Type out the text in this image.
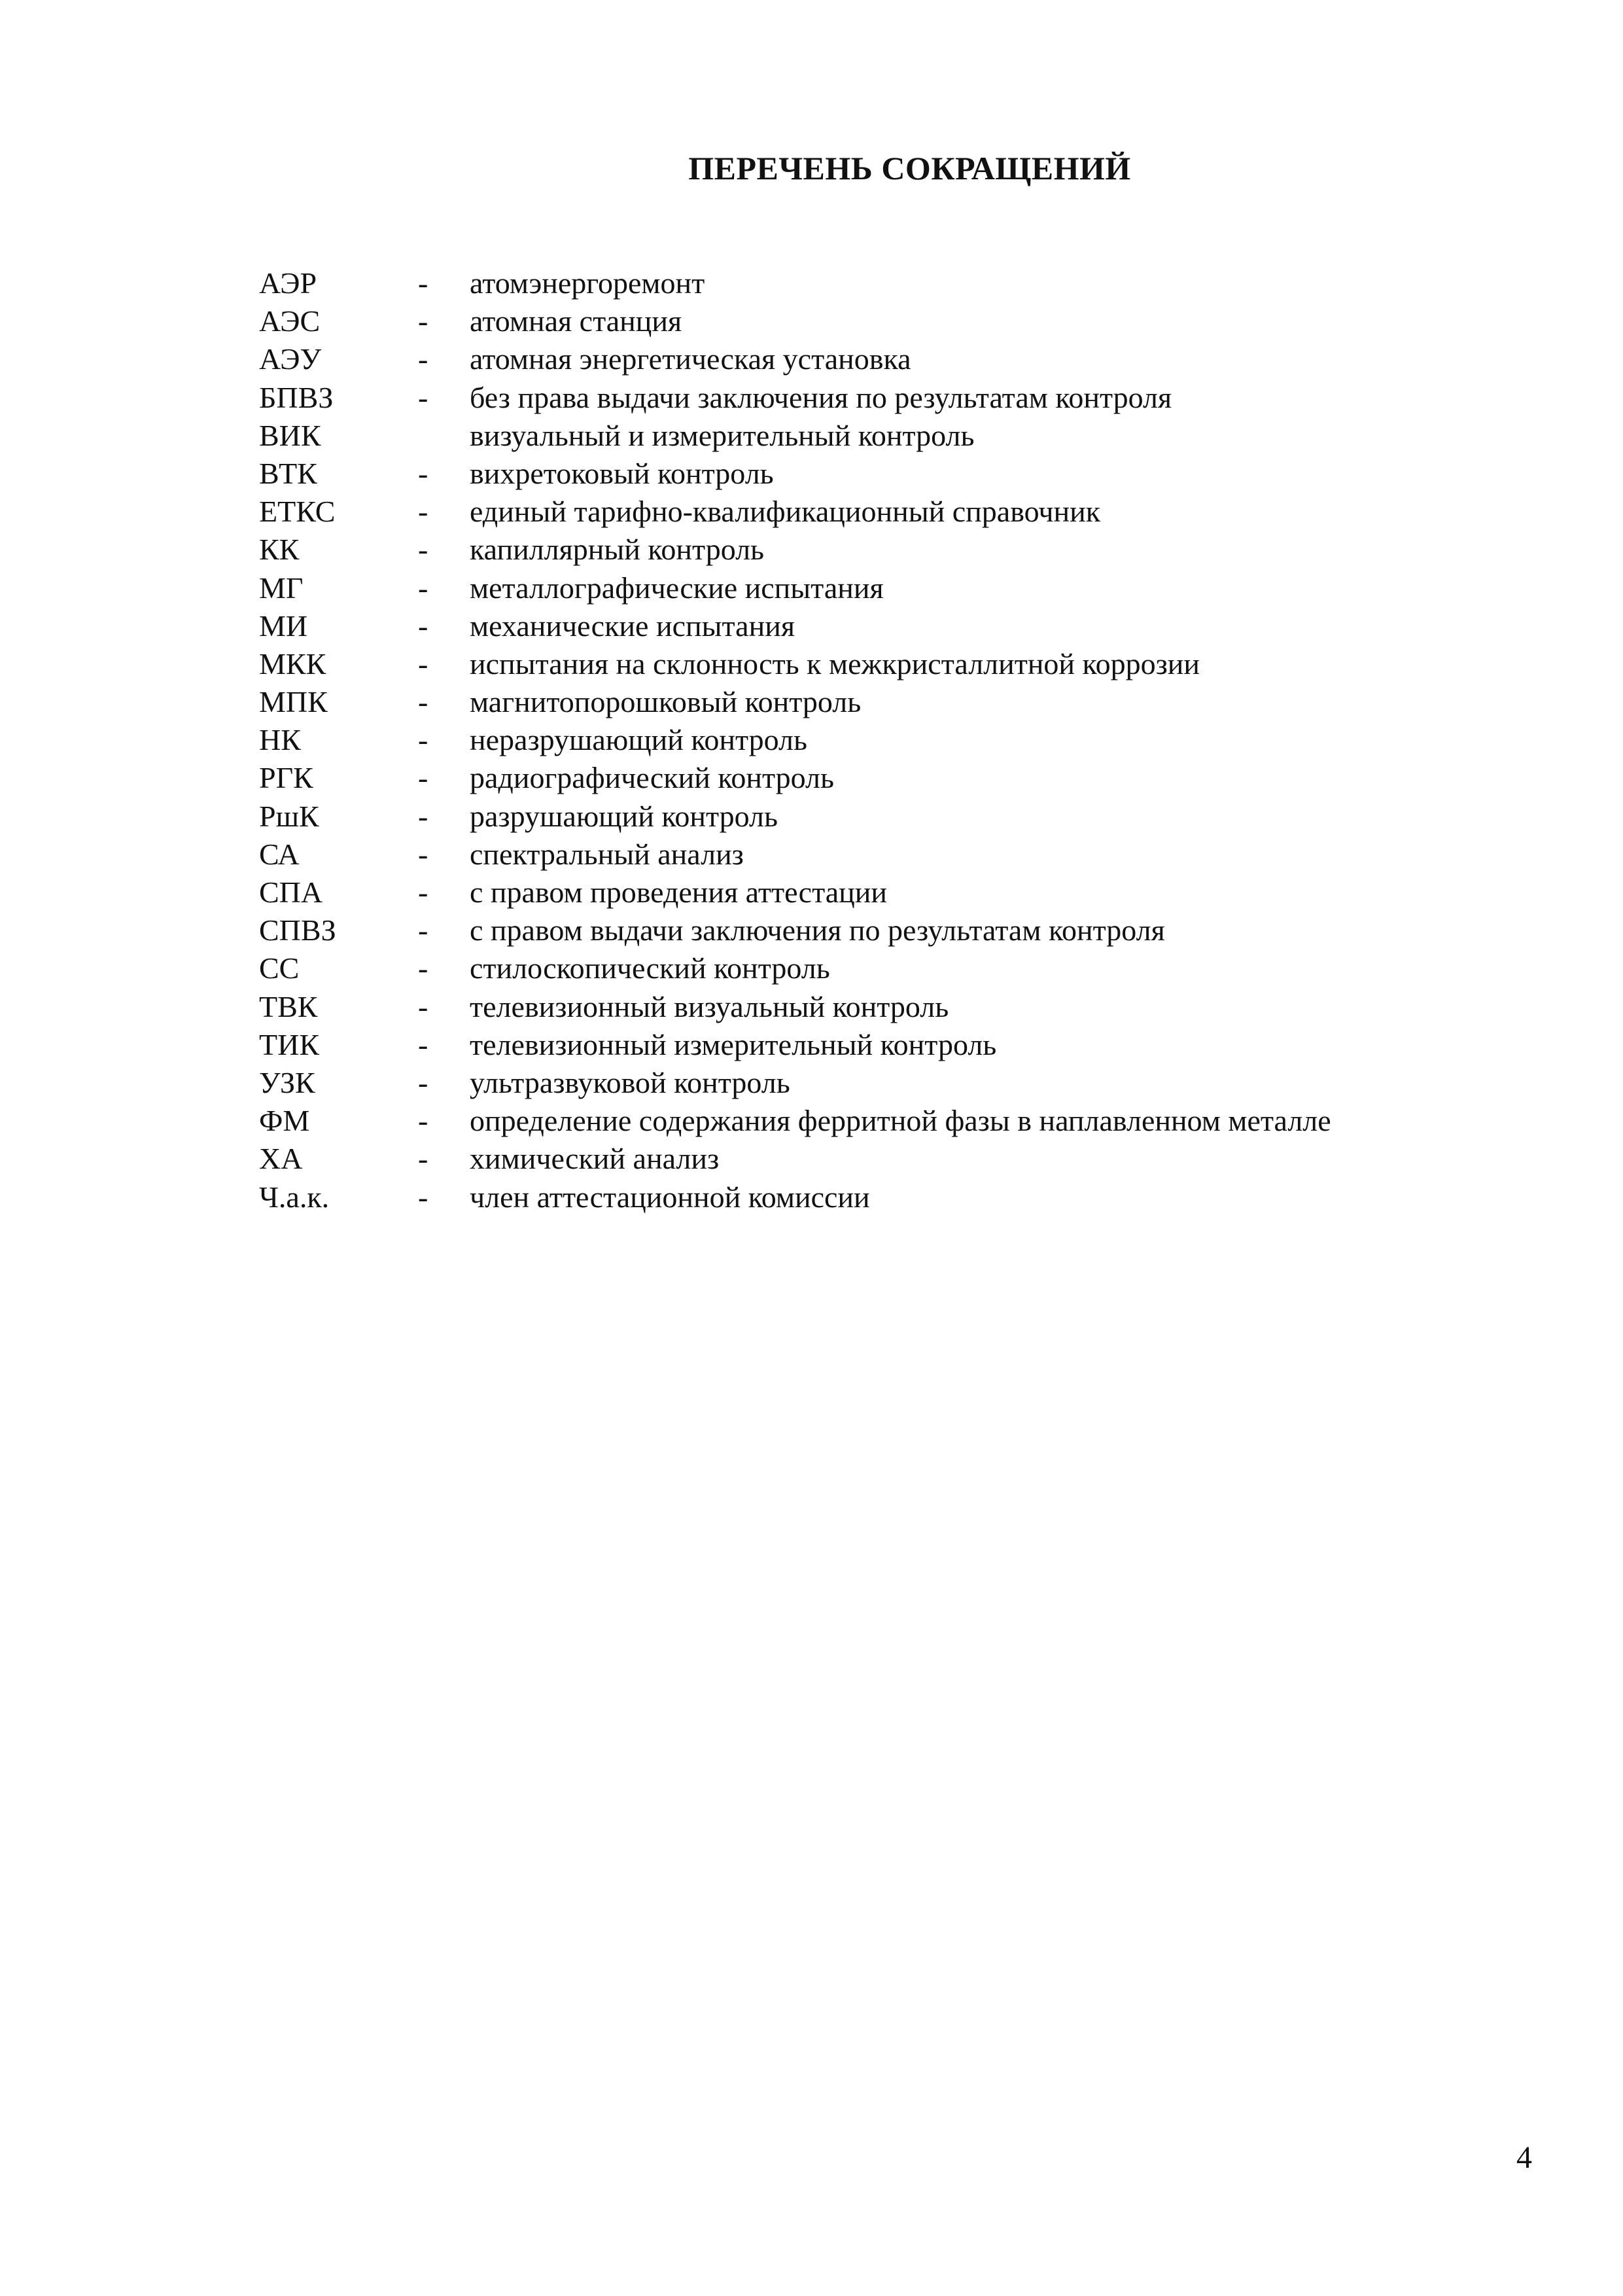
ПЕРЕЧЕНЬ СОКРАЩЕНИЙ
АЭР	- атомэнергоремонт
АЭС	- атомная станция
АЭУ	- атомная энергетическая установка
БПВЗ	- без права выдачи заключения по результатам контроля
ВИК	визуальный и измерительный контроль
ВТК	- вихретоковый контроль
ЕТКС	- единый тарифно-квалификационный справочник
КК	- капиллярный контроль
МГ	- металлографические испытания
МИ	- механические испытания
МКК	- испытания на склонность к межкристаллитной коррозии
МПК	- магнитопорошковый контроль
НК	- неразрушающий контроль
РГК	- радиографический контроль
РшК	- разрушающий контроль
СА	- спектральный анализ
СПА	- с правом проведения аттестации
СПВЗ	- с правом выдачи заключения по результатам контроля
СС	- стилоскопический контроль
ТВК	- телевизионный визуальный контроль
ТИК	- телевизионный измерительный контроль
УЗК	- ультразвуковой контроль
ФМ	- определение содержания ферритной фазы в наплавленном металле
ХА	- химический анализ
Ч.а.к.	- член аттестационной комиссии
4
